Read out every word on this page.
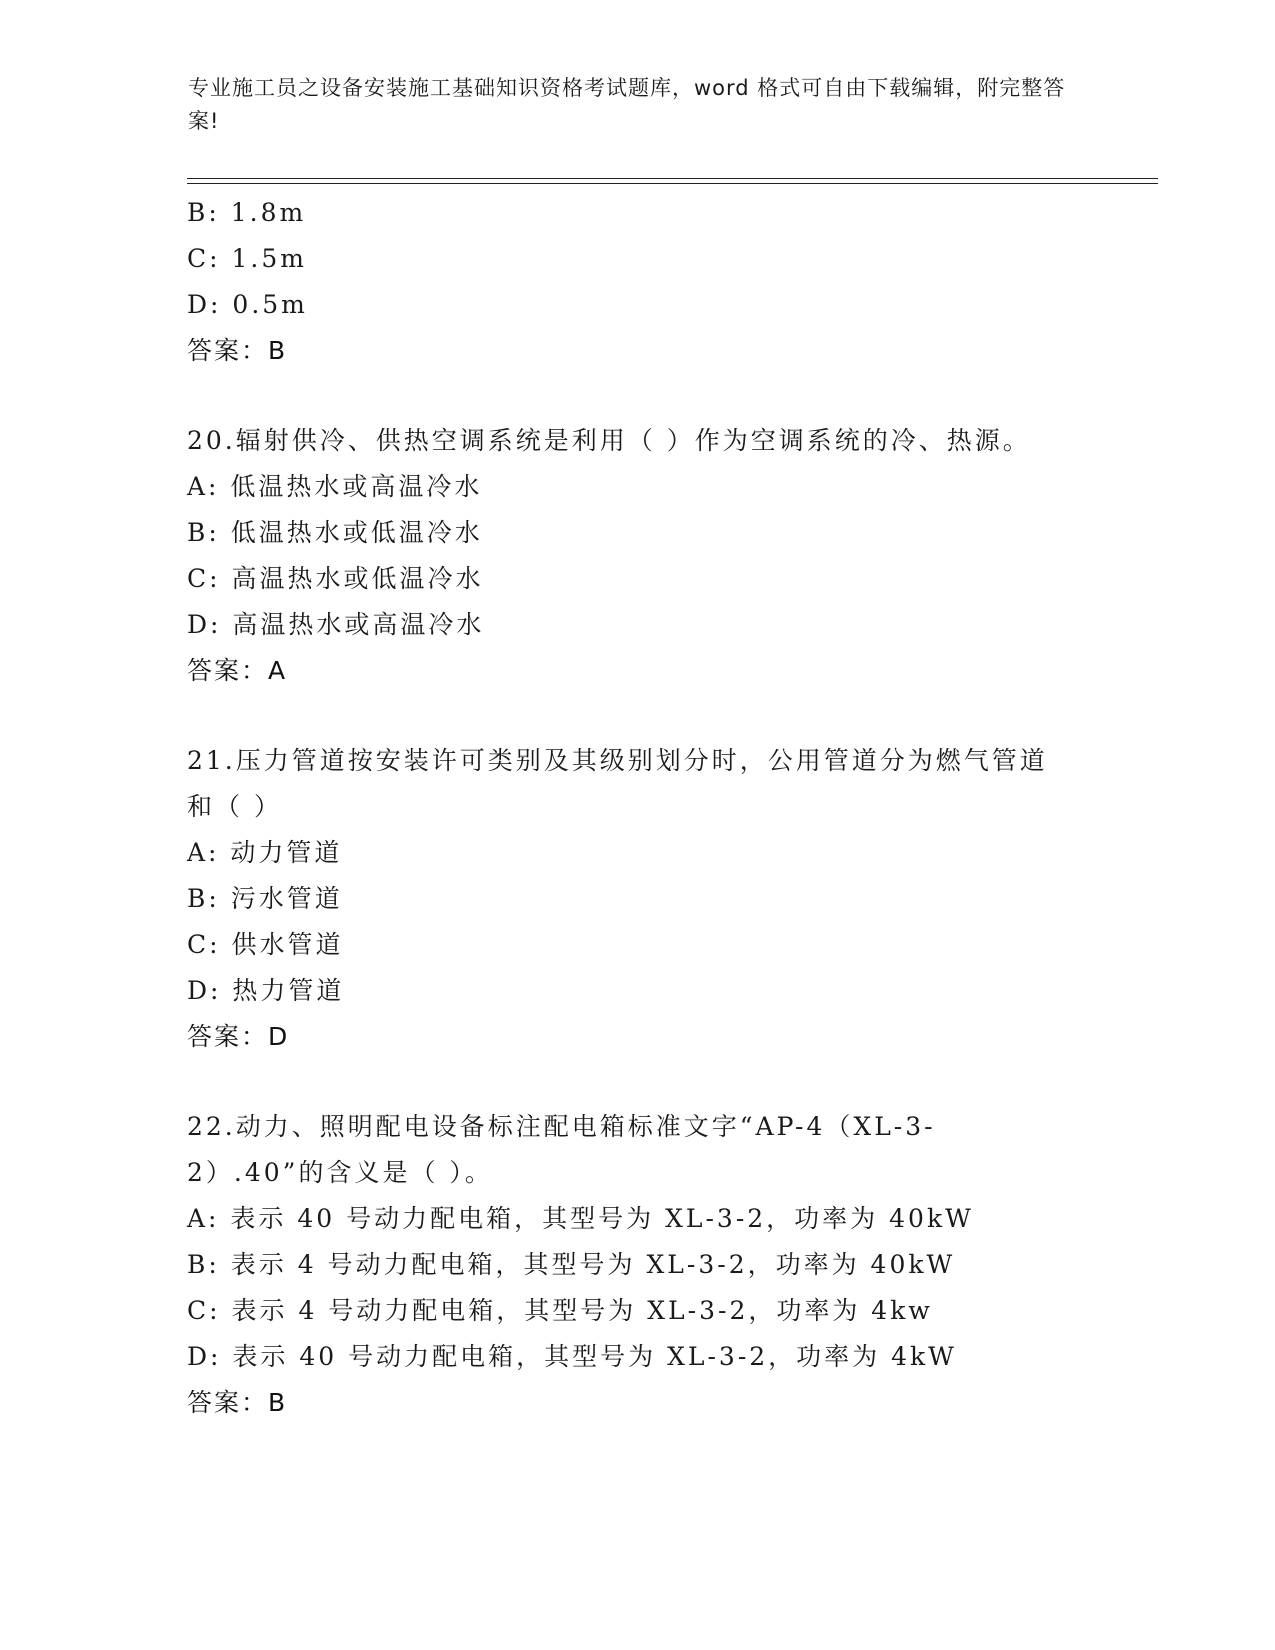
专业施工员之设备安装施工基础知识资格考试题库，word 格式可自由下载编辑，附完整答案!
B: 1.8m
C: 1.5m
D: 0.5m
答案：B
20.辐射供冷、供热空调系统是利用（ ）作为空调系统的冷、热源。
A: 低温热水或高温冷水
B: 低温热水或低温冷水
C: 高温热水或低温冷水
D: 高温热水或高温冷水
答案：A
21.压力管道按安装许可类别及其级别划分时，公用管道分为燃气管道和（ ）
A: 动力管道
B: 污水管道
C: 供水管道
D: 热力管道
答案：D
22.动力、照明配电设备标注配电箱标准文字“AP-4（XL-3-2）.40”的含义是（ ）。
A: 表示 40 号动力配电箱，其型号为 XL-3-2，功率为 40kW
B: 表示 4 号动力配电箱，其型号为 XL-3-2，功率为 40kW
C: 表示 4 号动力配电箱，其型号为 XL-3-2，功率为 4kw
D: 表示 40 号动力配电箱，其型号为 XL-3-2，功率为 4kW
答案：B
